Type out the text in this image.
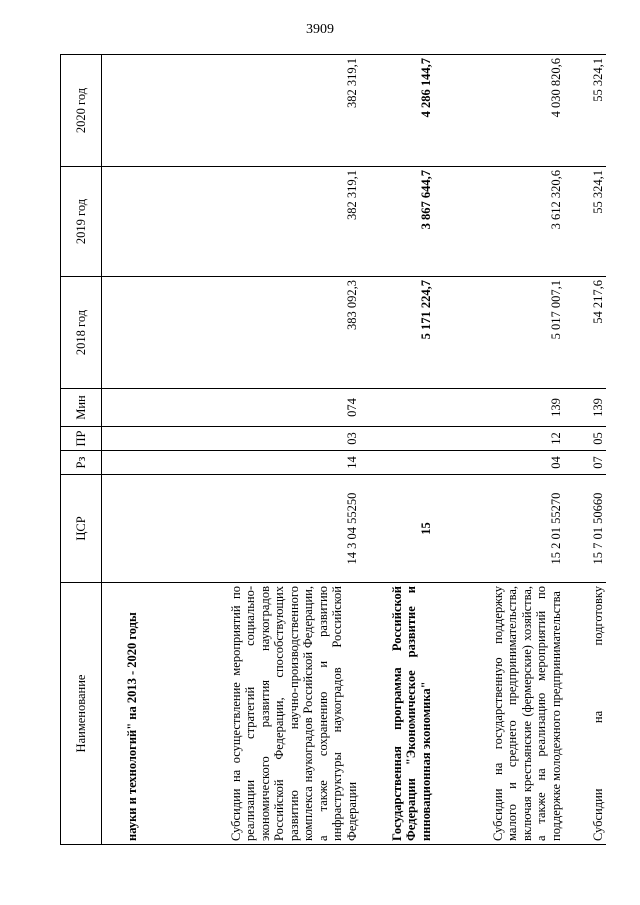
3909
Наименование	ЦСР	Рз	ПР	Мин	2018 год	2019 год	2020 год
науки и технологий" на 2013 - 2020 годы							
Субсидии на осуществление мероприятий по реализации стратегий социально-экономического развития наукоградов Российской Федерации, способствующих развитию научно-производственного комплекса наукоградов Российской Федерации, а также сохранению и развитию инфраструктуры наукоградов Российской Федерации	14 3 04 55250	14	03	074	383 092,3	382 319,1	382 319,1
Государственная программа Российской Федерации "Экономическое развитие и инновационная экономика"	15				5 171 224,7	3 867 644,7	4 286 144,7
Субсидии на государственную поддержку малого и среднего предпринимательства, включая крестьянские (фермерские) хозяйства, а также на реализацию мероприятий по поддержке молодежного предпринимательства	15 2 01 55270	04	12	139	5 017 007,1	3 612 320,6	4 030 820,6
Субсидии на подготовку	15 7 01 50660	07	05	139	54 217,6	55 324,1	55 324,1
